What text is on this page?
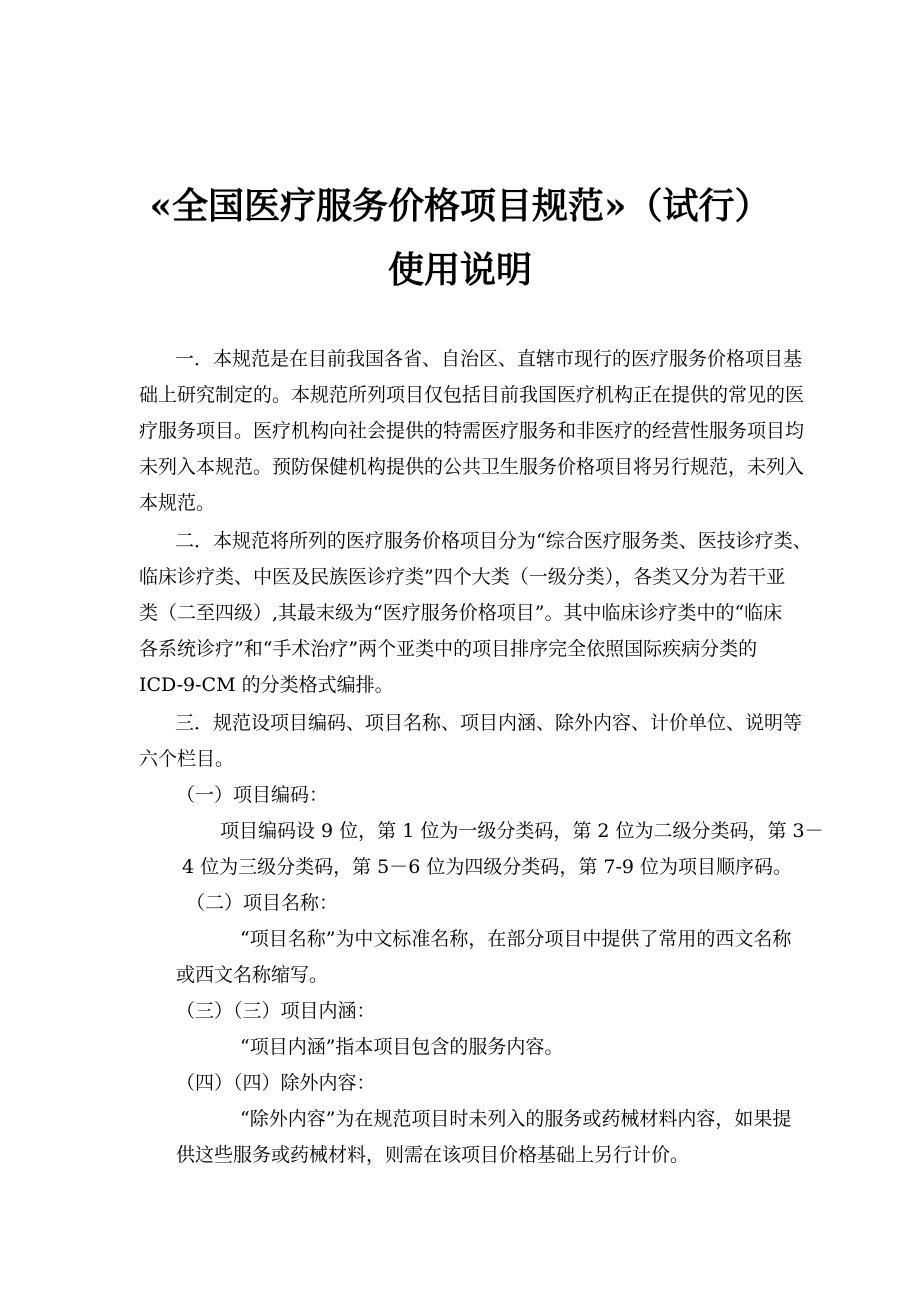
«全国医疗服务价格项目规范»（试行）
使用说明
一．本规范是在目前我国各省、自治区、直辖市现行的医疗服务价格项目基
础上研究制定的。本规范所列项目仅包括目前我国医疗机构正在提供的常见的医
疗服务项目。医疗机构向社会提供的特需医疗服务和非医疗的经营性服务项目均
未列入本规范。预防保健机构提供的公共卫生服务价格项目将另行规范，未列入
本规范。
二．本规范将所列的医疗服务价格项目分为“综合医疗服务类、医技诊疗类、
临床诊疗类、中医及民族医诊疗类”四个大类（一级分类），各类又分为若干亚
类（二至四级）,其最末级为“医疗服务价格项目”。其中临床诊疗类中的“临床
各系统诊疗”和“手术治疗”两个亚类中的项目排序完全依照国际疾病分类的
ICD-9-CM 的分类格式编排。
三．规范设项目编码、项目名称、项目内涵、除外内容、计价单位、说明等
六个栏目。
（一）项目编码：
项目编码设 9 位，第 1 位为一级分类码，第 2 位为二级分类码，第 3－
4 位为三级分类码，第 5－6 位为四级分类码，第 7-9 位为项目顺序码。
（二）项目名称：
“项目名称”为中文标准名称，在部分项目中提供了常用的西文名称
或西文名称缩写。
（三）（三）项目内涵：
“项目内涵”指本项目包含的服务内容。
（四）（四）除外内容：
“除外内容”为在规范项目时未列入的服务或药械材料内容，如果提
供这些服务或药械材料，则需在该项目价格基础上另行计价。
